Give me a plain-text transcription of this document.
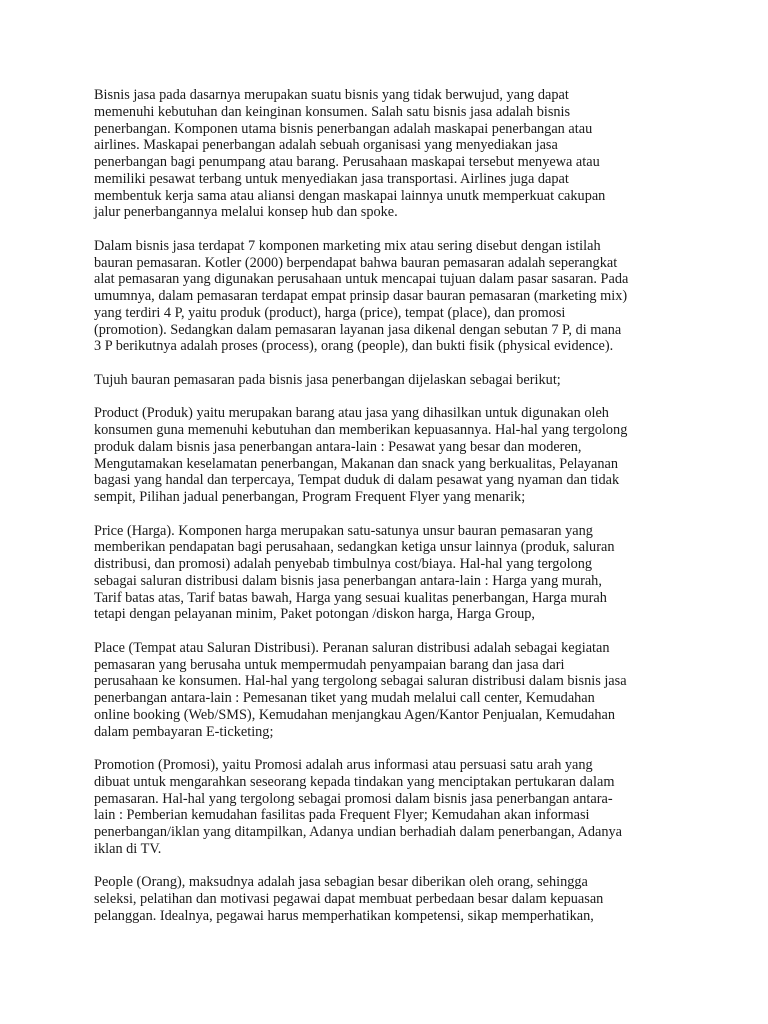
Bisnis jasa pada dasarnya merupakan suatu bisnis yang tidak berwujud, yang dapat
memenuhi kebutuhan dan keinginan konsumen. Salah satu bisnis jasa adalah bisnis
penerbangan. Komponen utama bisnis penerbangan adalah maskapai penerbangan atau
airlines. Maskapai penerbangan adalah sebuah organisasi yang menyediakan jasa
penerbangan bagi penumpang atau barang. Perusahaan maskapai tersebut menyewa atau
memiliki pesawat terbang untuk menyediakan jasa transportasi. Airlines juga dapat
membentuk kerja sama atau aliansi dengan maskapai lainnya unutk memperkuat cakupan
jalur penerbangannya melalui konsep hub dan spoke.

Dalam bisnis jasa terdapat 7 komponen marketing mix atau sering disebut dengan istilah
bauran pemasaran. Kotler (2000) berpendapat bahwa bauran pemasaran adalah seperangkat
alat pemasaran yang digunakan perusahaan untuk mencapai tujuan dalam pasar sasaran. Pada
umumnya, dalam pemasaran terdapat empat prinsip dasar bauran pemasaran (marketing mix)
yang terdiri 4 P, yaitu produk (product), harga (price), tempat (place), dan promosi
(promotion). Sedangkan dalam pemasaran layanan jasa dikenal dengan sebutan 7 P, di mana
3 P berikutnya adalah proses (process), orang (people), dan bukti fisik (physical evidence).

Tujuh bauran pemasaran pada bisnis jasa penerbangan dijelaskan sebagai berikut;

Product (Produk) yaitu merupakan barang atau jasa yang dihasilkan untuk digunakan oleh
konsumen guna memenuhi kebutuhan dan memberikan kepuasannya. Hal-hal yang tergolong
produk dalam bisnis jasa penerbangan antara-lain : Pesawat yang besar dan moderen,
Mengutamakan keselamatan penerbangan, Makanan dan snack yang berkualitas, Pelayanan
bagasi yang handal dan terpercaya, Tempat duduk di dalam pesawat yang nyaman dan tidak
sempit, Pilihan jadual penerbangan, Program Frequent Flyer yang menarik;

Price (Harga). Komponen harga merupakan satu-satunya unsur bauran pemasaran yang
memberikan pendapatan bagi perusahaan, sedangkan ketiga unsur lainnya (produk, saluran
distribusi, dan promosi) adalah penyebab timbulnya cost/biaya. Hal-hal yang tergolong
sebagai saluran distribusi dalam bisnis jasa penerbangan antara-lain : Harga yang murah,
Tarif batas atas, Tarif batas bawah, Harga yang sesuai kualitas penerbangan, Harga murah
tetapi dengan pelayanan minim, Paket potongan /diskon harga, Harga Group,

Place (Tempat atau Saluran Distribusi). Peranan saluran distribusi adalah sebagai kegiatan
pemasaran yang berusaha untuk mempermudah penyampaian barang dan jasa dari
perusahaan ke konsumen. Hal-hal yang tergolong sebagai saluran distribusi dalam bisnis jasa
penerbangan antara-lain : Pemesanan tiket yang mudah melalui call center, Kemudahan
online booking (Web/SMS), Kemudahan menjangkau Agen/Kantor Penjualan, Kemudahan
dalam pembayaran E-ticketing;

Promotion (Promosi), yaitu Promosi adalah arus informasi atau persuasi satu arah yang
dibuat untuk mengarahkan seseorang kepada tindakan yang menciptakan pertukaran dalam
pemasaran. Hal-hal yang tergolong sebagai promosi dalam bisnis jasa penerbangan antara-
lain : Pemberian kemudahan fasilitas pada Frequent Flyer; Kemudahan akan informasi
penerbangan/iklan yang ditampilkan, Adanya undian berhadiah dalam penerbangan, Adanya
iklan di TV.

People (Orang), maksudnya adalah jasa sebagian besar diberikan oleh orang, sehingga
seleksi, pelatihan dan motivasi pegawai dapat membuat perbedaan besar dalam kepuasan
pelanggan. Idealnya, pegawai harus memperhatikan kompetensi, sikap memperhatikan,
